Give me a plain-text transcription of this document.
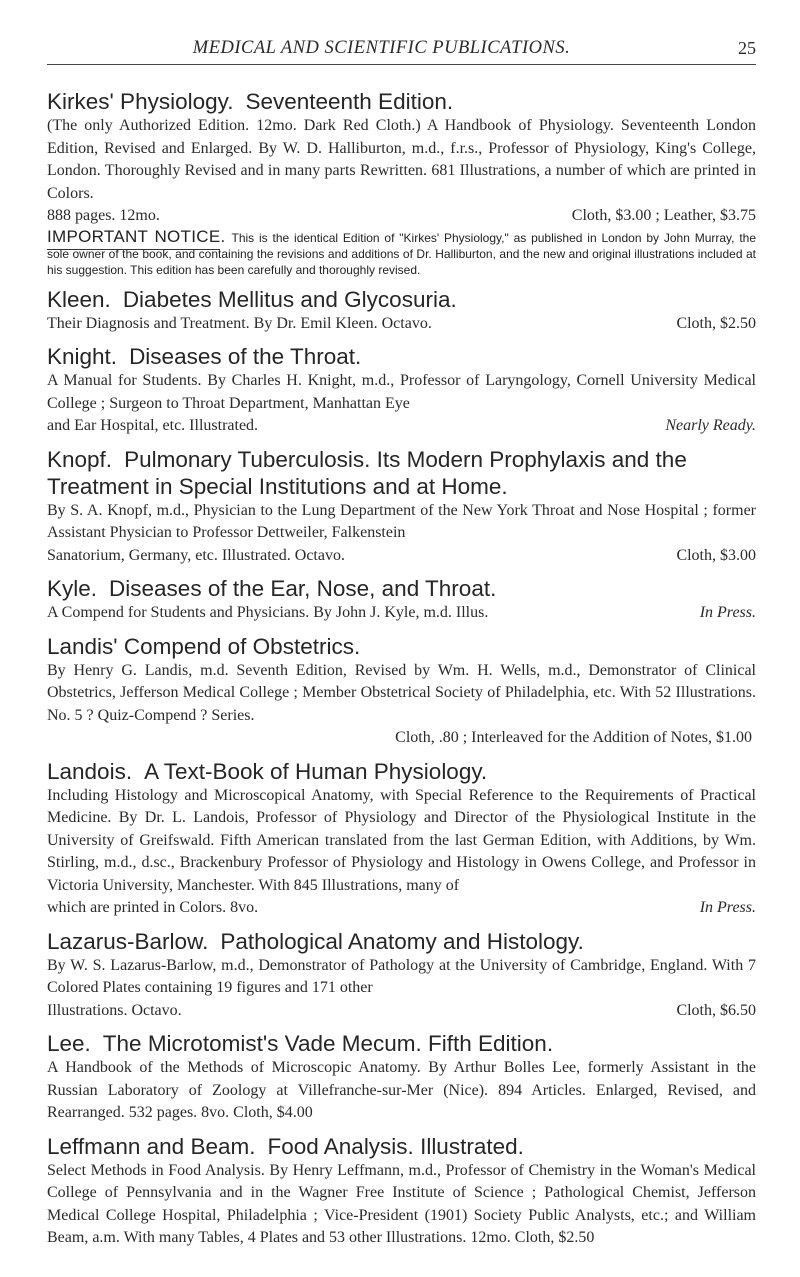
MEDICAL AND SCIENTIFIC PUBLICATIONS.	25
Kirkes' Physiology. Seventeenth Edition.

(The only Authorized Edition. 12mo. Dark Red Cloth.) A Handbook of Physiology. Seventeenth London Edition, Revised and Enlarged. By W. D. Halliburton, m.d., f.r.s., Professor of Physiology, King's College, London. Thoroughly Revised and in many parts Rewritten. 681 Illustrations, a number of which are printed in Colors.

888 pages. 12mo.	Cloth, $3.00 ; Leather, $3.75
IMPORTANT NOTICE. This is the identical Edition of "Kirkes' Physiology," as published in London by John Murray, the sole owner of the book, and containing the revisions and additions of Dr. Halliburton, and the new and original illustrations included at his suggestion. This edition has been carefully and thoroughly revised.
Kleen. Diabetes Mellitus and Glycosuria.
Their Diagnosis and Treatment. By Dr. Emil Kleen. Octavo.	Cloth, $2.50
Knight. Diseases of the Throat.

A Manual for Students. By Charles H. Knight, m.d., Professor of Laryngology, Cornell University Medical College ; Surgeon to Throat Department, Manhattan Eye

and Ear Hospital, etc. Illustrated.	Nearly Ready.
Knopf. Pulmonary Tuberculosis. Its Modern Prophylaxis and the Treatment in Special Institutions and at Home.

By S. A. Knopf, m.d., Physician to the Lung Department of the New York Throat and Nose Hospital ; former Assistant Physician to Professor Dettweiler, Falkenstein

Sanatorium, Germany, etc. Illustrated. Octavo.	Cloth, $3.00
Kyle. Diseases of the Ear, Nose, and Throat.
A Compend for Students and Physicians. By John J. Kyle, m.d. Illus.	In Press.
Landis' Compend of Obstetrics.

By Henry G. Landis, m.d. Seventh Edition, Revised by Wm. H. Wells, m.d., Demonstrator of Clinical Obstetrics, Jefferson Medical College ; Member Obstetrical Society of Philadelphia, etc. With 52 Illustrations. No. 5 ? Quiz-Compend ? Series.

Cloth, .80 ; Interleaved for the Addition of Notes, $1.00
Landois. A Text-Book of Human Physiology.

Including Histology and Microscopical Anatomy, with Special Reference to the Requirements of Practical Medicine. By Dr. L. Landois, Professor of Physiology and Director of the Physiological Institute in the University of Greifswald. Fifth American translated from the last German Edition, with Additions, by Wm. Stirling, m.d., d.sc., Brackenbury Professor of Physiology and Histology in Owens College, and Professor in Victoria University, Manchester. With 845 Illustrations, many of

which are printed in Colors. 8vo.	In Press.
Lazarus-Barlow. Pathological Anatomy and Histology.

By W. S. Lazarus-Barlow, m.d., Demonstrator of Pathology at the University of Cambridge, England. With 7 Colored Plates containing 19 figures and 171 other

Illustrations. Octavo.	Cloth, $6.50
Lee. The Microtomist's Vade Mecum. Fifth Edition.

A Handbook of the Methods of Microscopic Anatomy. By Arthur Bolles Lee, formerly Assistant in the Russian Laboratory of Zoology at Villefranche-sur-Mer (Nice). 894 Articles. Enlarged, Revised, and Rearranged. 532 pages. 8vo. Cloth, $4.00

Leffmann and Beam. Food Analysis. Illustrated.

Select Methods in Food Analysis. By Henry Leffmann, m.d., Professor of Chemistry in the Woman's Medical College of Pennsylvania and in the Wagner Free Institute of Science ; Pathological Chemist, Jefferson Medical College Hospital, Philadelphia ; Vice-President (1901) Society Public Analysts, etc.; and William Beam, a.m. With many Tables, 4 Plates and 53 other Illustrations. 12mo. Cloth, $2.50
